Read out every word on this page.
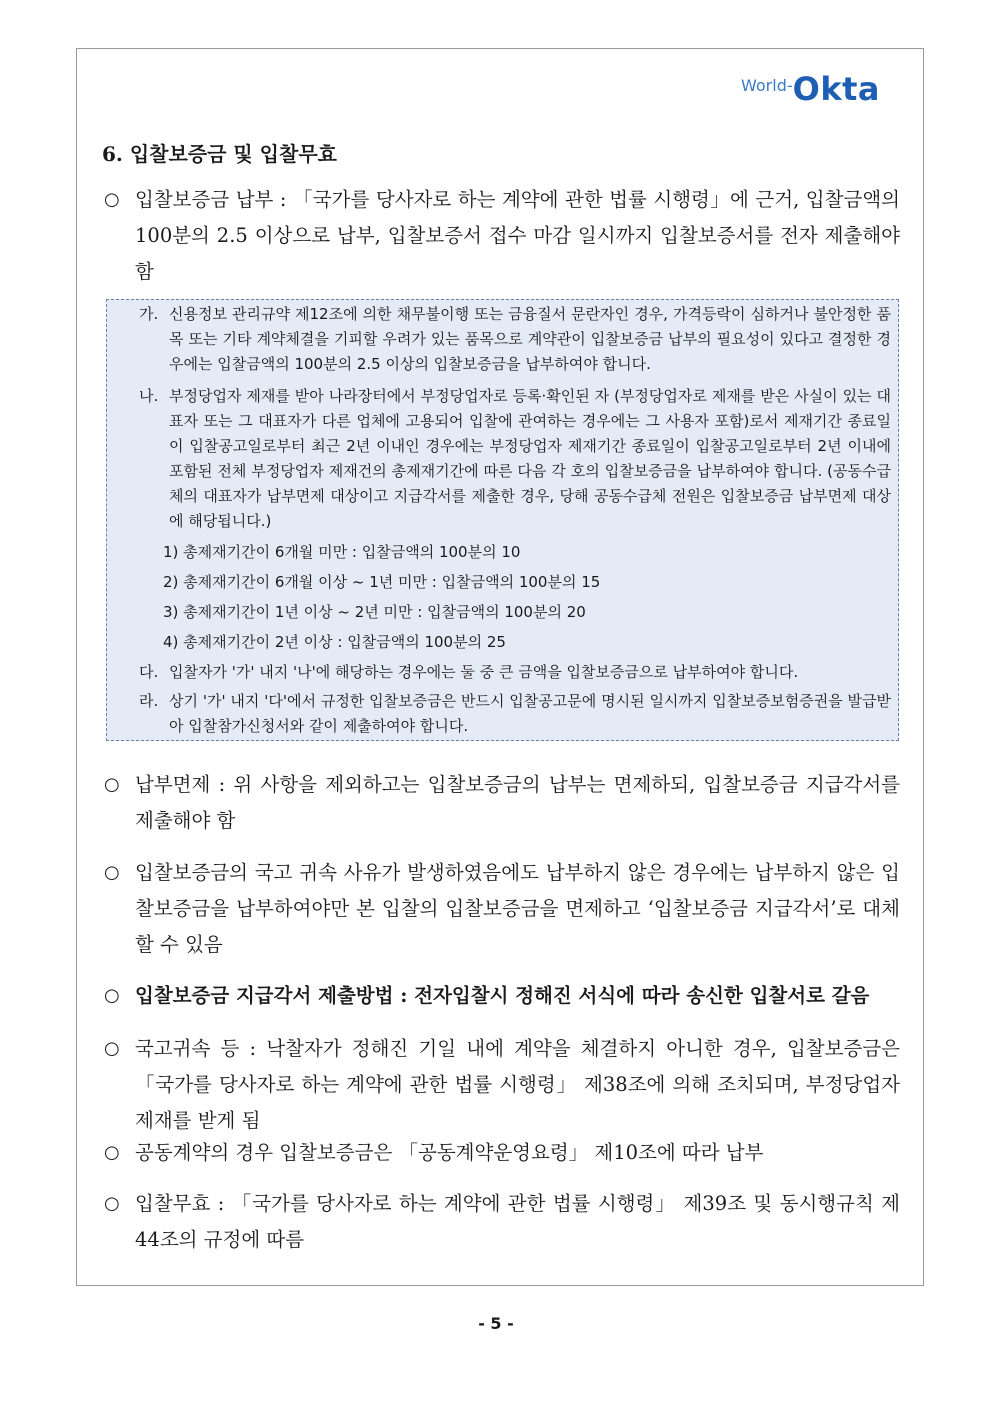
World-Okta
6. 입찰보증금 및 입찰무효
○ 입찰보증금 납부 : 「국가를 당사자로 하는 계약에 관한 법률 시행령」에 근거, 입찰금액의 100분의 2.5 이상으로 납부, 입찰보증서 접수 마감 일시까지 입찰보증서를 전자 제출해야 함
가. 신용정보 관리규약 제12조에 의한 채무불이행 또는 금융질서 문란자인 경우, 가격등락이 심하거나 불안정한 품목 또는 기타 계약체결을 기피할 우려가 있는 품목으로 계약관이 입찰보증금 납부의 필요성이 있다고 결정한 경우에는 입찰금액의 100분의 2.5 이상의 입찰보증금을 납부하여야 합니다.
나. 부정당업자 제재를 받아 나라장터에서 부정당업자로 등록·확인된 자 (부정당업자로 제재를 받은 사실이 있는 대표자 또는 그 대표자가 다른 업체에 고용되어 입찰에 관여하는 경우에는 그 사용자 포함)로서 제재기간 종료일이 입찰공고일로부터 최근 2년 이내인 경우에는 부정당업자 제재기간 종료일이 입찰공고일로부터 2년 이내에 포함된 전체 부정당업자 제재건의 총제재기간에 따른 다음 각 호의 입찰보증금을 납부하여야 합니다. (공동수급체의 대표자가 납부면제 대상이고 지급각서를 제출한 경우, 당해 공동수급체 전원은 입찰보증금 납부면제 대상에 해당됩니다.)
1) 총제재기간이 6개월 미만 : 입찰금액의 100분의 10
2) 총제재기간이 6개월 이상 ~ 1년 미만 : 입찰금액의 100분의 15
3) 총제재기간이 1년 이상 ~ 2년 미만 : 입찰금액의 100분의 20
4) 총제재기간이 2년 이상 : 입찰금액의 100분의 25
다. 입찰자가 '가' 내지 '나'에 해당하는 경우에는 둘 중 큰 금액을 입찰보증금으로 납부하여야 합니다.
라. 상기 '가' 내지 '다'에서 규정한 입찰보증금은 반드시 입찰공고문에 명시된 일시까지 입찰보증보험증권을 발급받아 입찰참가신청서와 같이 제출하여야 합니다.
○ 납부면제 : 위 사항을 제외하고는 입찰보증금의 납부는 면제하되, 입찰보증금 지급각서를 제출해야 함
○ 입찰보증금의 국고 귀속 사유가 발생하였음에도 납부하지 않은 경우에는 납부하지 않은 입찰보증금을 납부하여야만 본 입찰의 입찰보증금을 면제하고 ‘입찰보증금 지급각서’로 대체할 수 있음
○ 입찰보증금 지급각서 제출방법 : 전자입찰시 정해진 서식에 따라 송신한 입찰서로 갈음
○ 국고귀속 등 : 낙찰자가 정해진 기일 내에 계약을 체결하지 아니한 경우, 입찰보증금은 「국가를 당사자로 하는 계약에 관한 법률 시행령」 제38조에 의해 조치되며, 부정당업자 제재를 받게 됨
○ 공동계약의 경우 입찰보증금은 「공동계약운영요령」 제10조에 따라 납부
○ 입찰무효 : 「국가를 당사자로 하는 계약에 관한 법률 시행령」 제39조 및 동시행규칙 제44조의 규정에 따름
- 5 -
